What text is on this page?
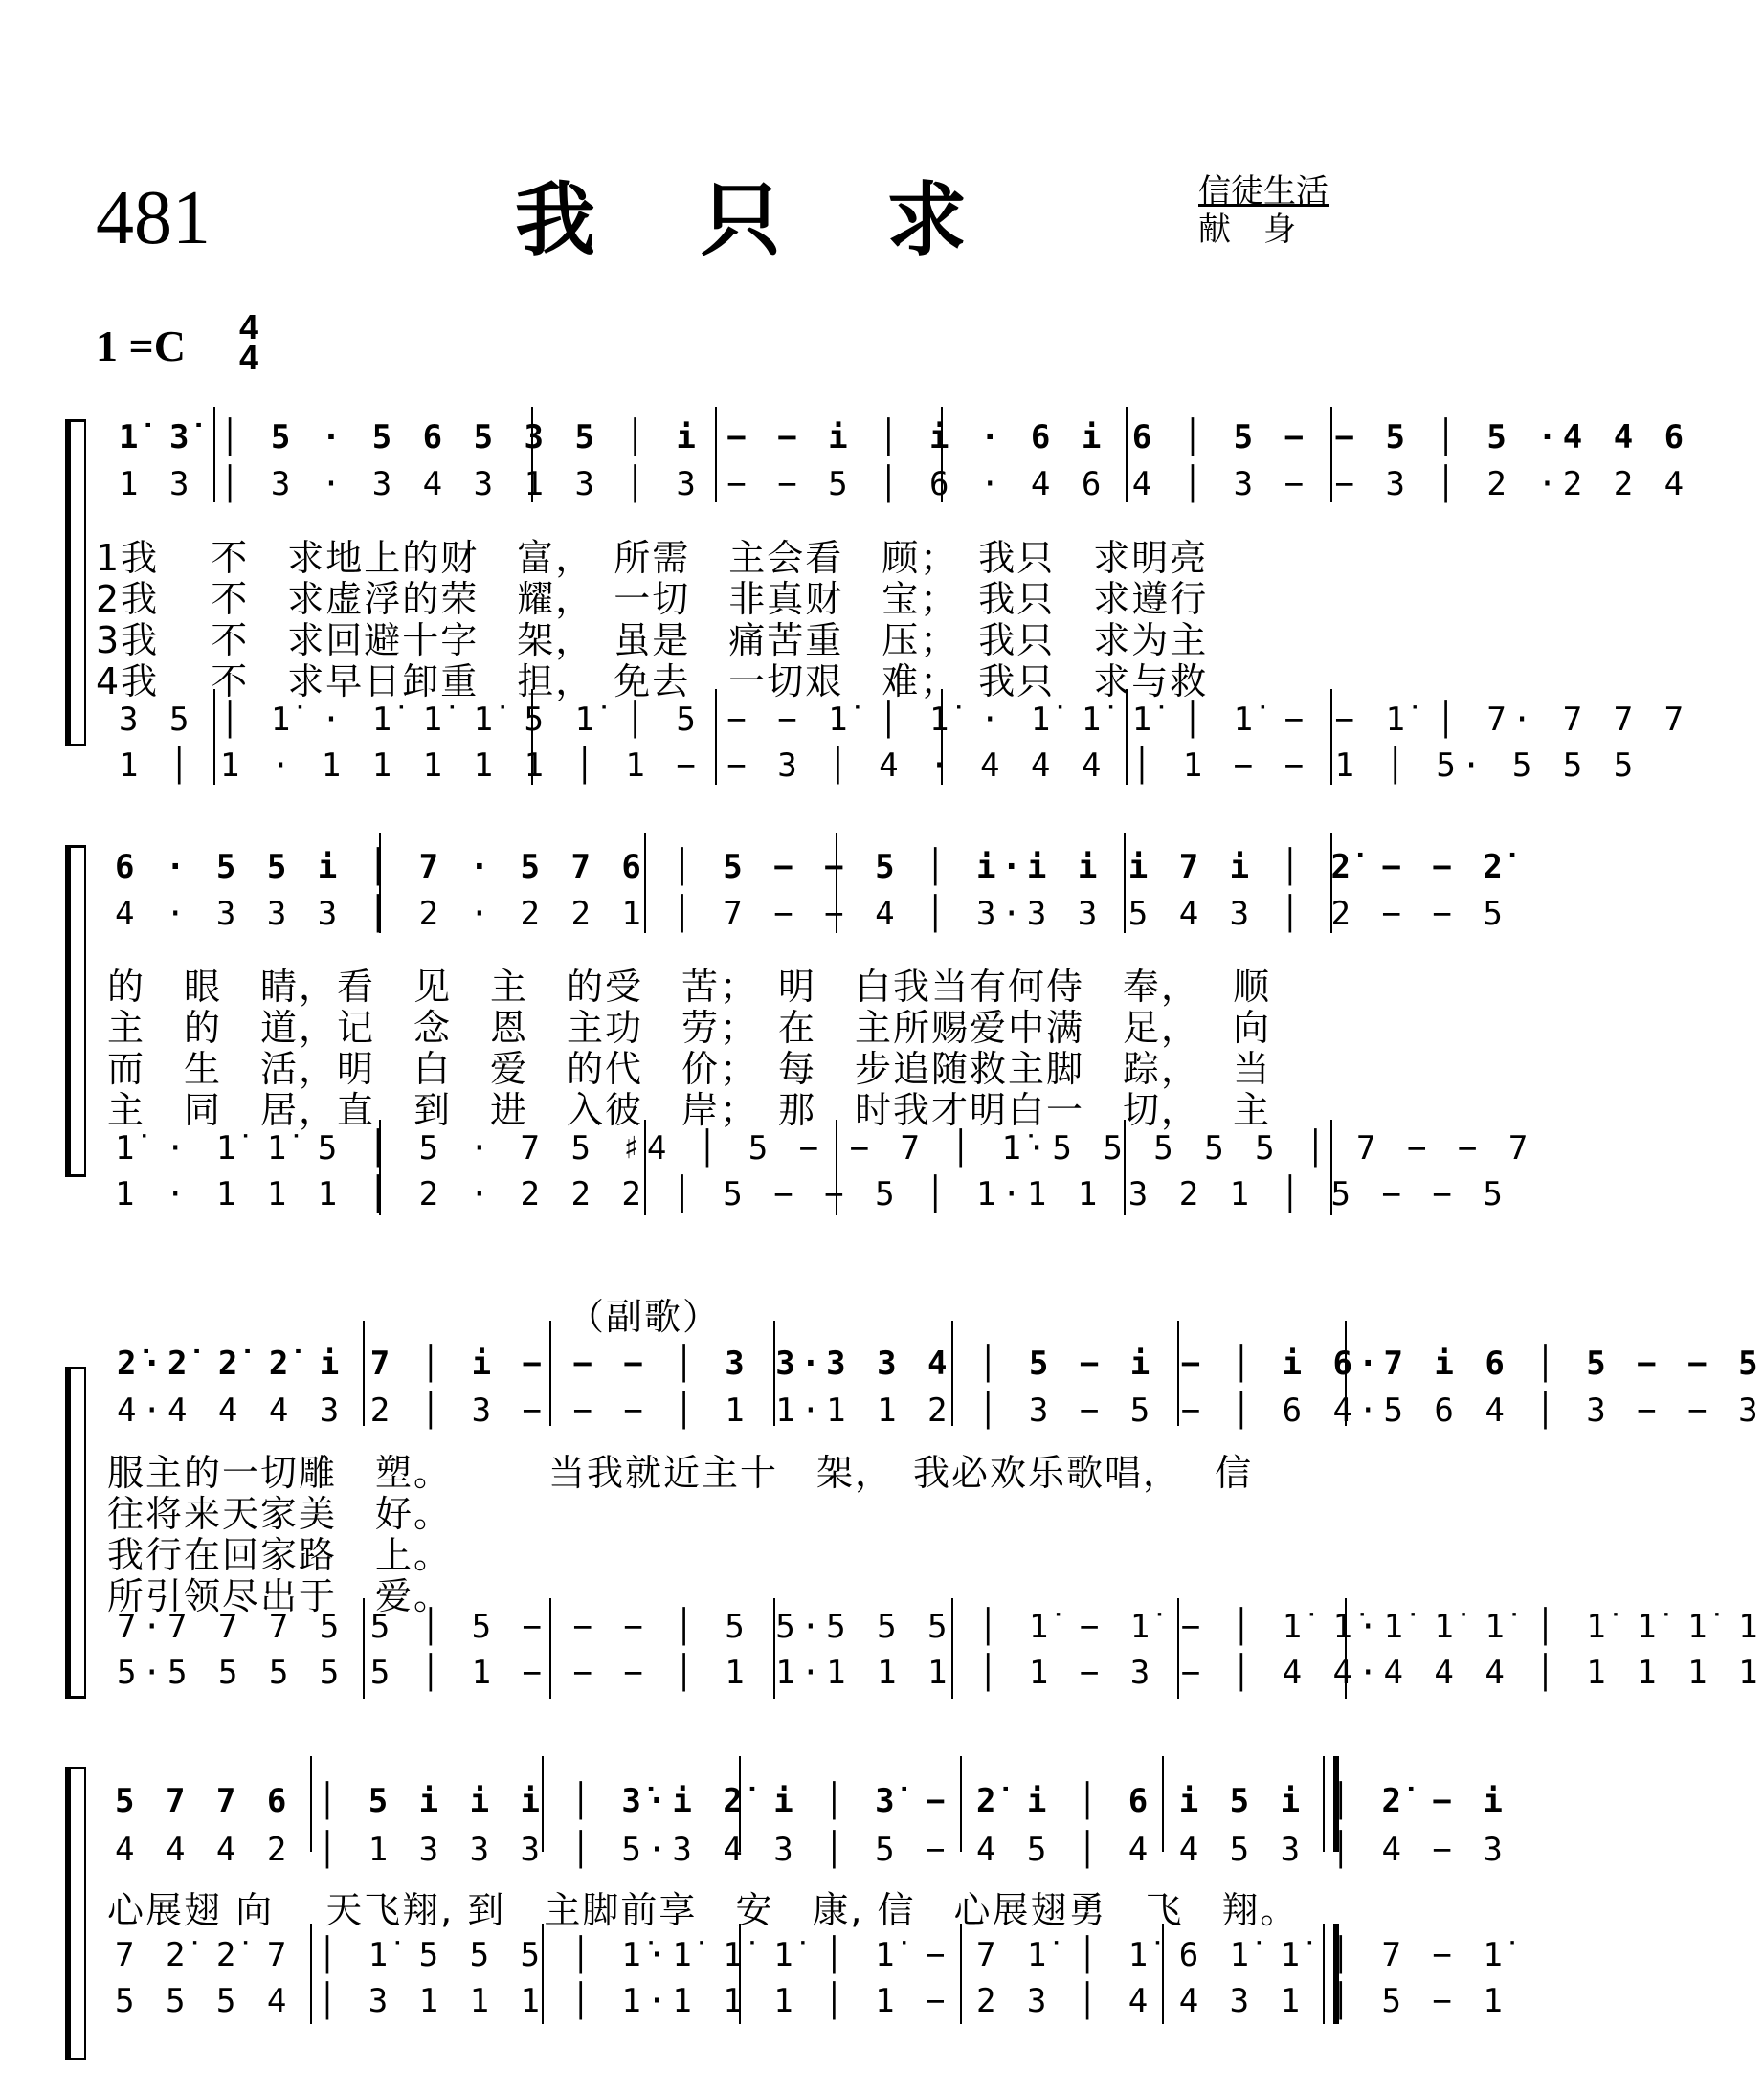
481	我只求	信徒生活
献　身
1 =C 4
4
1̇ 3̇ │ 5 · 5 6 5 3 5 │ i − − i │ i · 6 i 6 │ 5 − − 5 │ 5 ·4 4 6
1 3 │ 3 · 3 4 3 1 3 │ 3 − − 5 │ 6 · 4 6 4 │ 3 − − 3 │ 2 ·2 2 4
1我　 不　求地上的财　富，　所需　主会看　顾；　我只　求明亮
2我　 不　求虚浮的荣　耀，　一切　非真财　宝；　我只　求遵行
3我　 不　求回避十字　架，　虽是　痛苦重　压；　我只　求为主
4我　 不　求早日卸重　担，　免去　一切艰　难；　我只　求与救
3 5 │ 1̇ · 1̇ 1̇ 1̇ 5 1̇ │ 5 − − 1̇ │ 1̇ · 1̇ 1̇ 1̇ │ 1̇ − − 1̇ │ 7· 7 7 7
1 │ 1 · 1 1 1 1 1 │ 1 − − 3 │ 4 · 4 4 4 │ 1 − − 1 │ 5· 5 5 5
6 · 5 5 i │ 7 · 5 7 6 │ 5 − − 5 │ i·i i i 7 i │ 2̇ − − 2̇
4 · 3 3 3 │ 2 · 2 2 1 │ 7 − − 4 │ 3·3 3 5 4 3 │ 2 − − 5
的　眼　睛，看　见　主　的受　苦；　明　白我当有何侍　奉，　 顺
主　的　道，记　念　恩　主功　劳；　在　主所赐爱中满　足，　 向
而　生　活，明　白　爱　的代　价；　每　步追随救主脚　踪，　 当
主　同　居，直　到　进　入彼　岸；　那　时我才明白一　切，　 主
1̇ · 1̇ 1̇ 5 │ 5 · 7 5 ♯4 │ 5 − − 7 │ 1̇·5 5 5 5 5 │ 7 − − 7
1 · 1 1 1 │ 2 · 2 2 2 │ 5 − − 5 │ 1·1 1 3 2 1 │ 5 − − 5
（副歌）
2̇·2̇ 2̇ 2̇ i 7 │ i − − − │ 3 3·3 3 4 │ 5 − i − │ i 6·7 i 6 │ 5 − − 5
4·4 4 4 3 2 │ 3 − − − │ 1 1·1 1 2 │ 3 − 5 − │ 6 4·5 6 4 │ 3 − − 3
服主的一切雕　塑。　　　当我就近主十　架，　我必欢乐歌唱，　 信
往将来天家美　好。
我行在回家路　上。
所引领尽出于　爱。
7·7 7 7 5 5 │ 5 − − − │ 5 5·5 5 5 │ 1̇ − 1̇ − │ 1̇ 1̇·1̇ 1̇ 1̇ │ 1̇ 1̇ 1̇ 1̇
5·5 5 5 5 5 │ 1 − − − │ 1 1·1 1 1 │ 1 − 3 − │ 4 4·4 4 4 │ 1 1 1 1
5 7 7 6 │ 5 i i i │ 3̇·i 2̇ i │ 3̇ − 2̇ i │ 6 i 5 i │ 2̇ − i
4 4 4 2 │ 1 3 3 3 │ 5·3 4 3 │ 5 − 4 5 │ 4 4 5 3 │ 4 − 3
心展翅 向　 天飞翔, 到　主脚前享　安　康, 信　心展翅勇　飞　翔。
7 2̇ 2̇ 7 │ 1̇ 5 5 5 │ 1̇·1̇ 1̇ 1̇ │ 1̇ − 7 1̇ │ 1̇ 6 1̇ 1̇ │ 7 − 1̇
5 5 5 4 │ 3 1 1 1 │ 1·1 1 1 │ 1 − 2 3 │ 4 4 3 1 │ 5 − 1
